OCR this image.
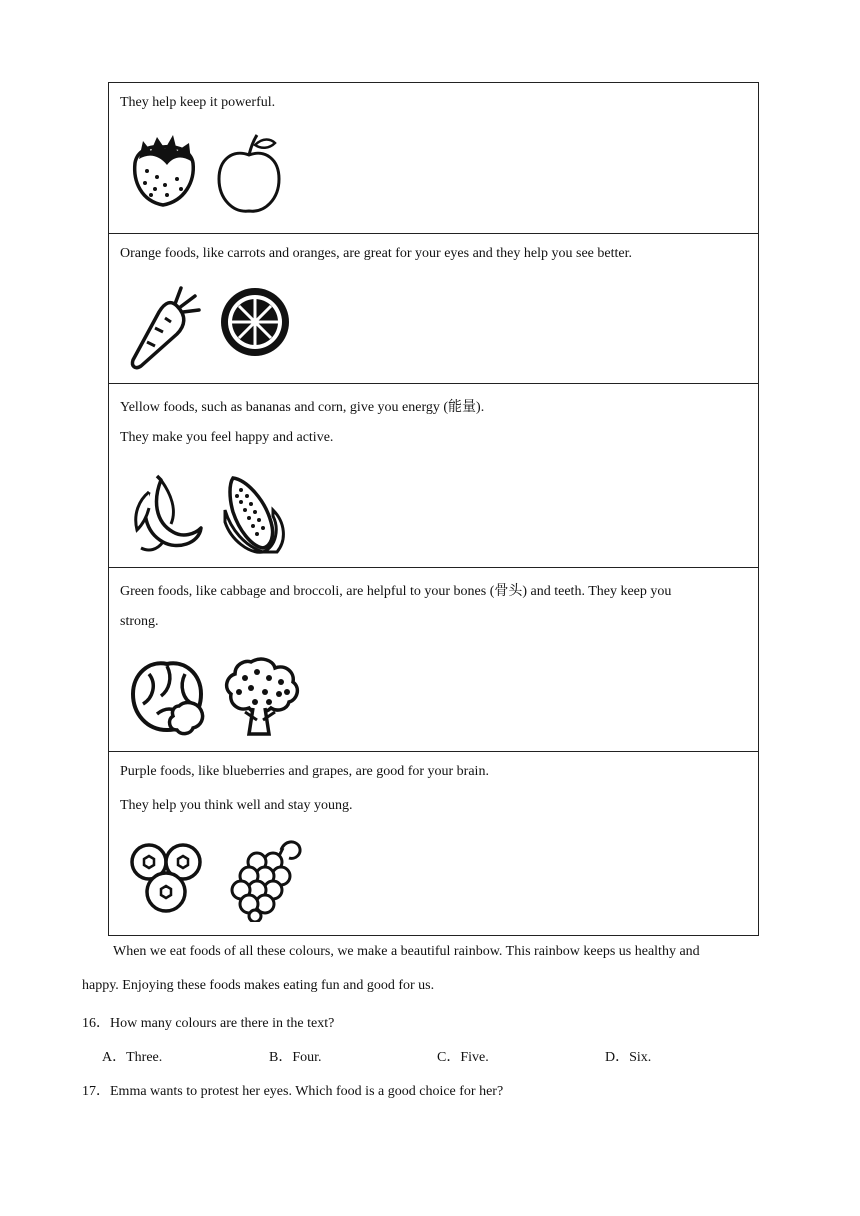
They help keep it powerful.
Orange foods, like carrots and oranges, are great for your eyes and they help you see better.
Yellow foods, such as bananas and corn, give you energy (能量).
They make you feel happy and active.
Green foods, like cabbage and broccoli, are helpful to your bones (骨头) and teeth. They keep you
strong.
Purple foods, like blueberries and grapes, are good for your brain.
They help you think well and stay young.
When we eat foods of all these colours, we make a beautiful rainbow. This rainbow keeps us healthy and
happy. Enjoying these foods makes eating fun and good for us.
16．How many colours are there in the text?
A．Three.	B．Four.	C．Five.	D．Six.
17．Emma wants to protest her eyes. Which food is a good choice for her?
